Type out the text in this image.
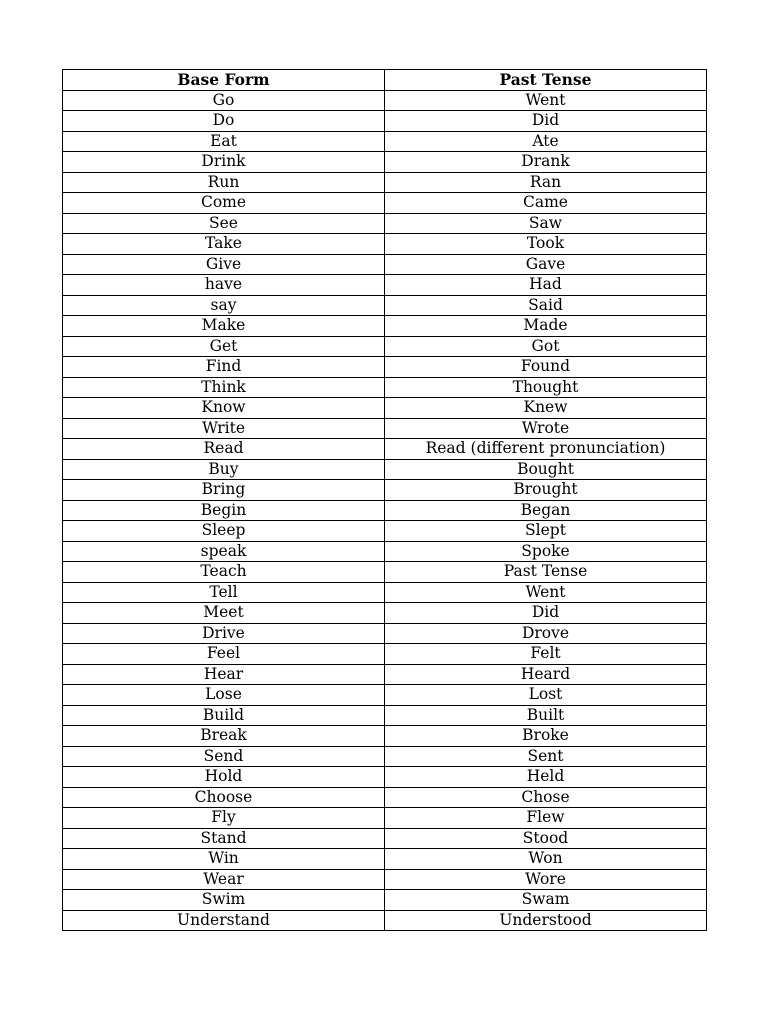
Base Form	Past Tense
Go	Went
Do	Did
Eat	Ate
Drink	Drank
Run	Ran
Come	Came
See	Saw
Take	Took
Give	Gave
have	Had
say	Said
Make	Made
Get	Got
Find	Found
Think	Thought
Know	Knew
Write	Wrote
Read	Read (different pronunciation)
Buy	Bought
Bring	Brought
Begin	Began
Sleep	Slept
speak	Spoke
Teach	Past Tense
Tell	Went
Meet	Did
Drive	Drove
Feel	Felt
Hear	Heard
Lose	Lost
Build	Built
Break	Broke
Send	Sent
Hold	Held
Choose	Chose
Fly	Flew
Stand	Stood
Win	Won
Wear	Wore
Swim	Swam
Understand	Understood
